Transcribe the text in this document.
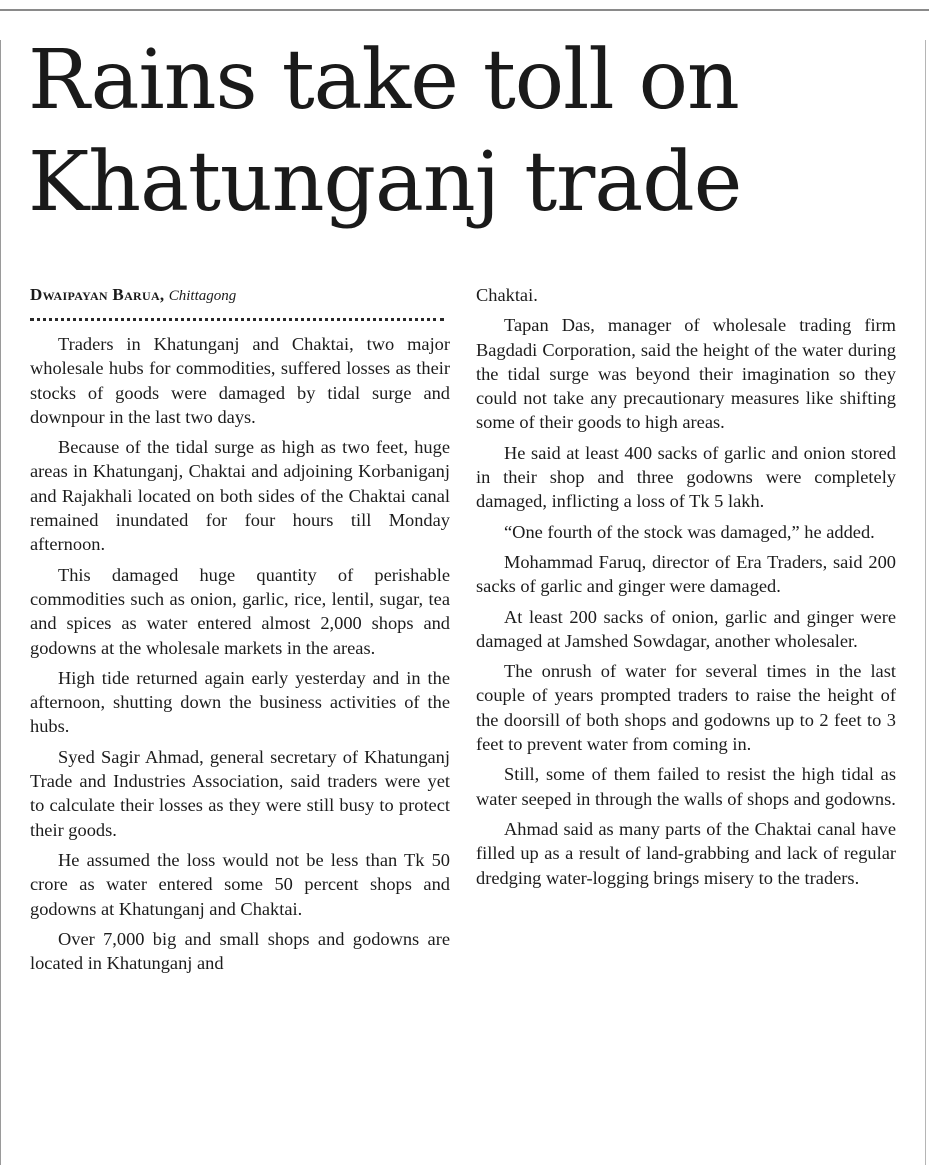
Rains take toll on
Khatunganj trade
Dwaipayan Barua, Chittagong

Traders in Khatunganj and Chaktai, two major wholesale hubs for commodities, suffered losses as their stocks of goods were damaged by tidal surge and downpour in the last two days.

Because of the tidal surge as high as two feet, huge areas in Khatunganj, Chaktai and adjoining Korbaniganj and Rajakhali located on both sides of the Chaktai canal remained inundated for four hours till Monday afternoon.

This damaged huge quantity of perishable commodities such as onion, garlic, rice, lentil, sugar, tea and spices as water entered almost 2,000 shops and godowns at the wholesale markets in the areas.

High tide returned again early yesterday and in the afternoon, shutting down the business activities of the hubs.

Syed Sagir Ahmad, general secretary of Khatunganj Trade and Industries Association, said traders were yet to calculate their losses as they were still busy to protect their goods.

He assumed the loss would not be less than Tk 50 crore as water entered some 50 percent shops and godowns at Khatunganj and Chaktai.

Over 7,000 big and small shops and godowns are located in Khatunganj and

Chaktai.

Tapan Das, manager of wholesale trading firm Bagdadi Corporation, said the height of the water during the tidal surge was beyond their imagination so they could not take any precautionary measures like shifting some of their goods to high areas.

He said at least 400 sacks of garlic and onion stored in their shop and three godowns were completely damaged, inflicting a loss of Tk 5 lakh.

“One fourth of the stock was damaged,” he added.

Mohammad Faruq, director of Era Traders, said 200 sacks of garlic and ginger were damaged.

At least 200 sacks of onion, garlic and ginger were damaged at Jamshed Sowdagar, another wholesaler.

The onrush of water for several times in the last couple of years prompted traders to raise the height of the doorsill of both shops and godowns up to 2 feet to 3 feet to prevent water from coming in.

Still, some of them failed to resist the high tidal as water seeped in through the walls of shops and godowns.

Ahmad said as many parts of the Chaktai canal have filled up as a result of land-grabbing and lack of regular dredging water-logging brings misery to the traders.
